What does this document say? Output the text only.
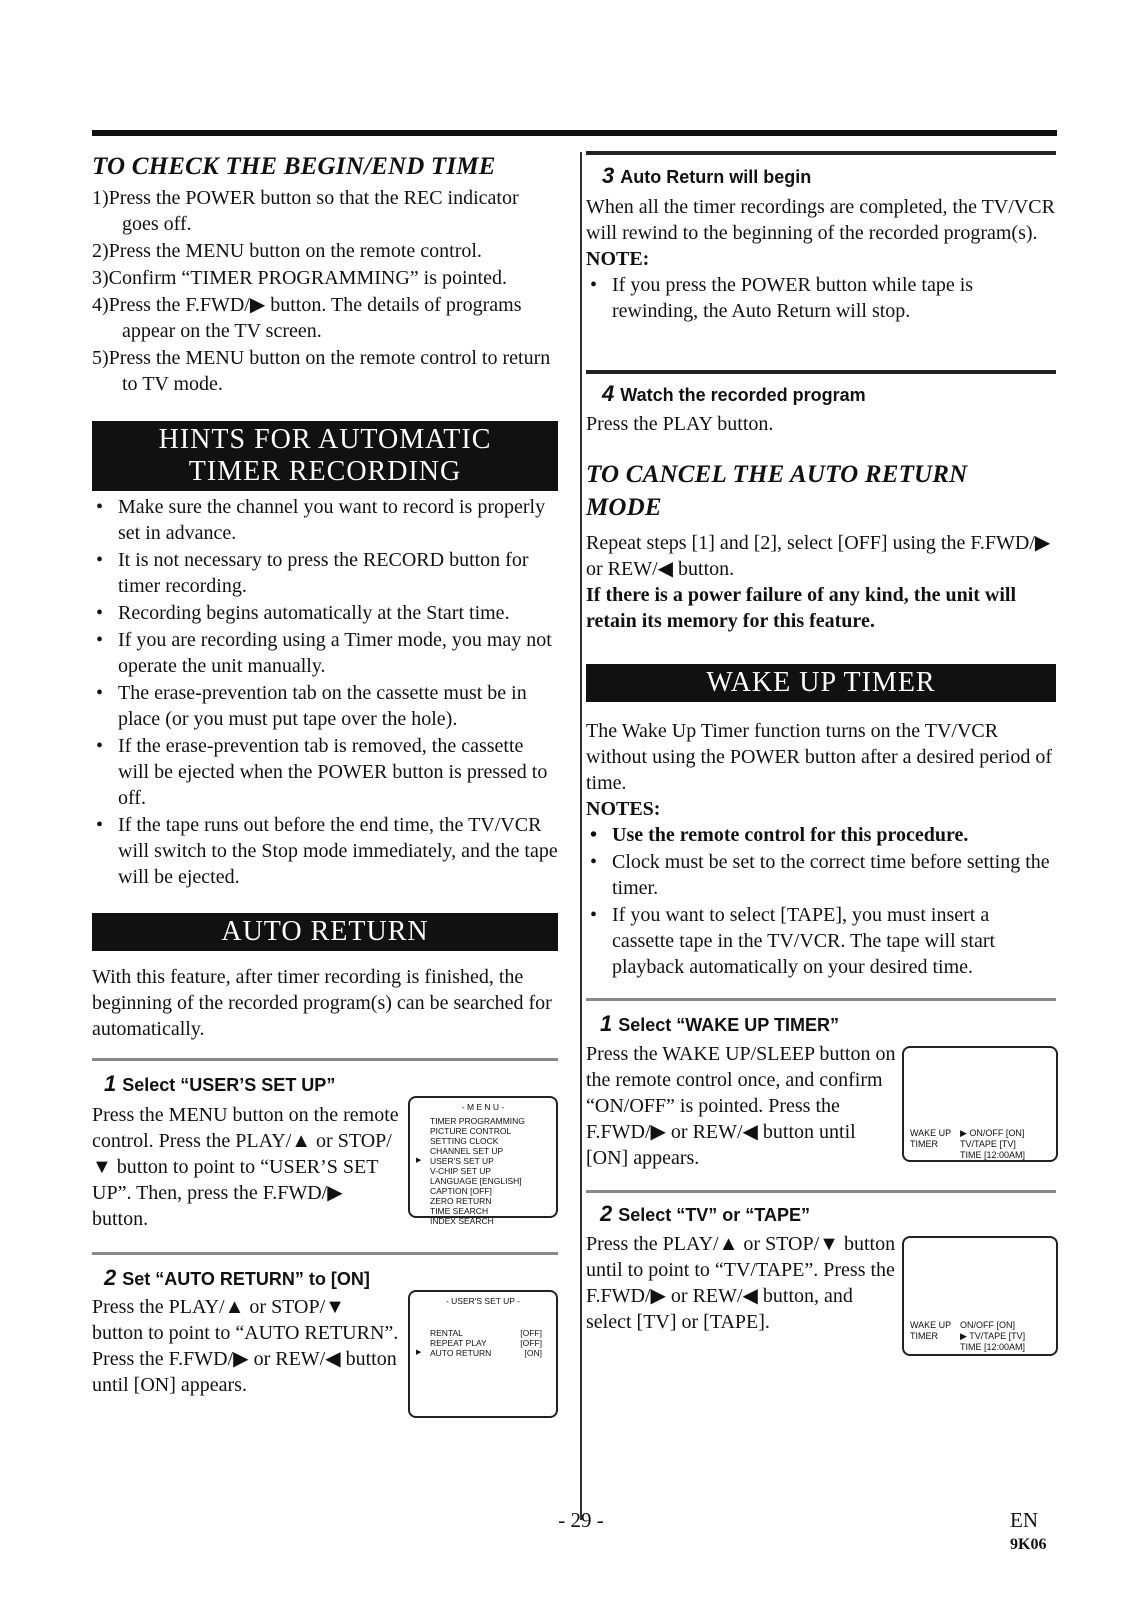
TO CHECK THE BEGIN/END TIME

1)Press the POWER button so that the REC indicator goes off.

2)Press the MENU button on the remote control.

3)Confirm “TIMER PROGRAMMING” is pointed.

4)Press the F.FWD/▶ button. The details of programs appear on the TV screen.

5)Press the MENU button on the remote control to return to TV mode.

HINTS FOR AUTOMATIC
TIMER RECORDING
• Make sure the channel you want to record is properly set in advance.
• It is not necessary to press the RECORD button for timer recording.
• Recording begins automatically at the Start time.
• If you are recording using a Timer mode, you may not operate the unit manually.
• The erase-prevention tab on the cassette must be in place (or you must put tape over the hole).
• If the erase-prevention tab is removed, the cassette will be ejected when the POWER button is pressed to off.
• If the tape runs out before the end time, the TV/VCR will switch to the Stop mode immediately, and the tape will be ejected.
AUTO RETURN

With this feature, after timer recording is finished, the beginning of the recorded program(s) can be searched for automatically.

1 Select “USER’S SET UP”

Press the MENU button on the remote control. Press the PLAY/▲ or STOP/▼ button to point to “USER’S SET UP”. Then, press the F.FWD/▶ button.

- M E N U -
TIMER PROGRAMMING
PICTURE CONTROL
SETTING CLOCK
CHANNEL SET UP
▶ USER'S SET UP
V-CHIP SET UP
LANGUAGE [ENGLISH]
CAPTION [OFF]
ZERO RETURN
TIME SEARCH
INDEX SEARCH
2 Set “AUTO RETURN” to [ON]

Press the PLAY/▲ or STOP/▼ button to point to “AUTO RETURN”. Press the F.FWD/▶ or REW/◀ button until [ON] appears.

- USER'S SET UP -
RENTAL	[OFF]
REPEAT PLAY	[OFF]
▶ AUTO RETURN	[ON]
3 Auto Return will begin

When all the timer recordings are completed, the TV/VCR will rewind to the beginning of the recorded program(s).

NOTE:

• If you press the POWER button while tape is rewinding, the Auto Return will stop.
4 Watch the recorded program

Press the PLAY button.

TO CANCEL THE AUTO RETURN MODE

Repeat steps [1] and [2], select [OFF] using the F.FWD/▶ or REW/◀ button.

If there is a power failure of any kind, the unit will retain its memory for this feature.

WAKE UP TIMER

The Wake Up Timer function turns on the TV/VCR without using the POWER button after a desired period of time.

NOTES:

• Use the remote control for this procedure.
• Clock must be set to the correct time before setting the timer.
• If you want to select [TAPE], you must insert a cassette tape in the TV/VCR. The tape will start playback automatically on your desired time.
1 Select “WAKE UP TIMER”

Press the WAKE UP/SLEEP button on the remote control once, and confirm “ON/OFF” is pointed. Press the F.FWD/▶ or REW/◀ button until [ON] appears.

WAKE UP
TIMER
▶ ON/OFF [ON]
TV/TAPE [TV]
TIME [12:00AM]
2 Select “TV” or “TAPE”

Press the PLAY/▲ or STOP/▼ button until to point to “TV/TAPE”. Press the F.FWD/▶ or REW/◀ button, and select [TV] or [TAPE].	WAKE UP
TIMER
ON/OFF [ON]
▶ TV/TAPE [TV]
TIME [12:00AM]
- 29 -	EN
9K06
